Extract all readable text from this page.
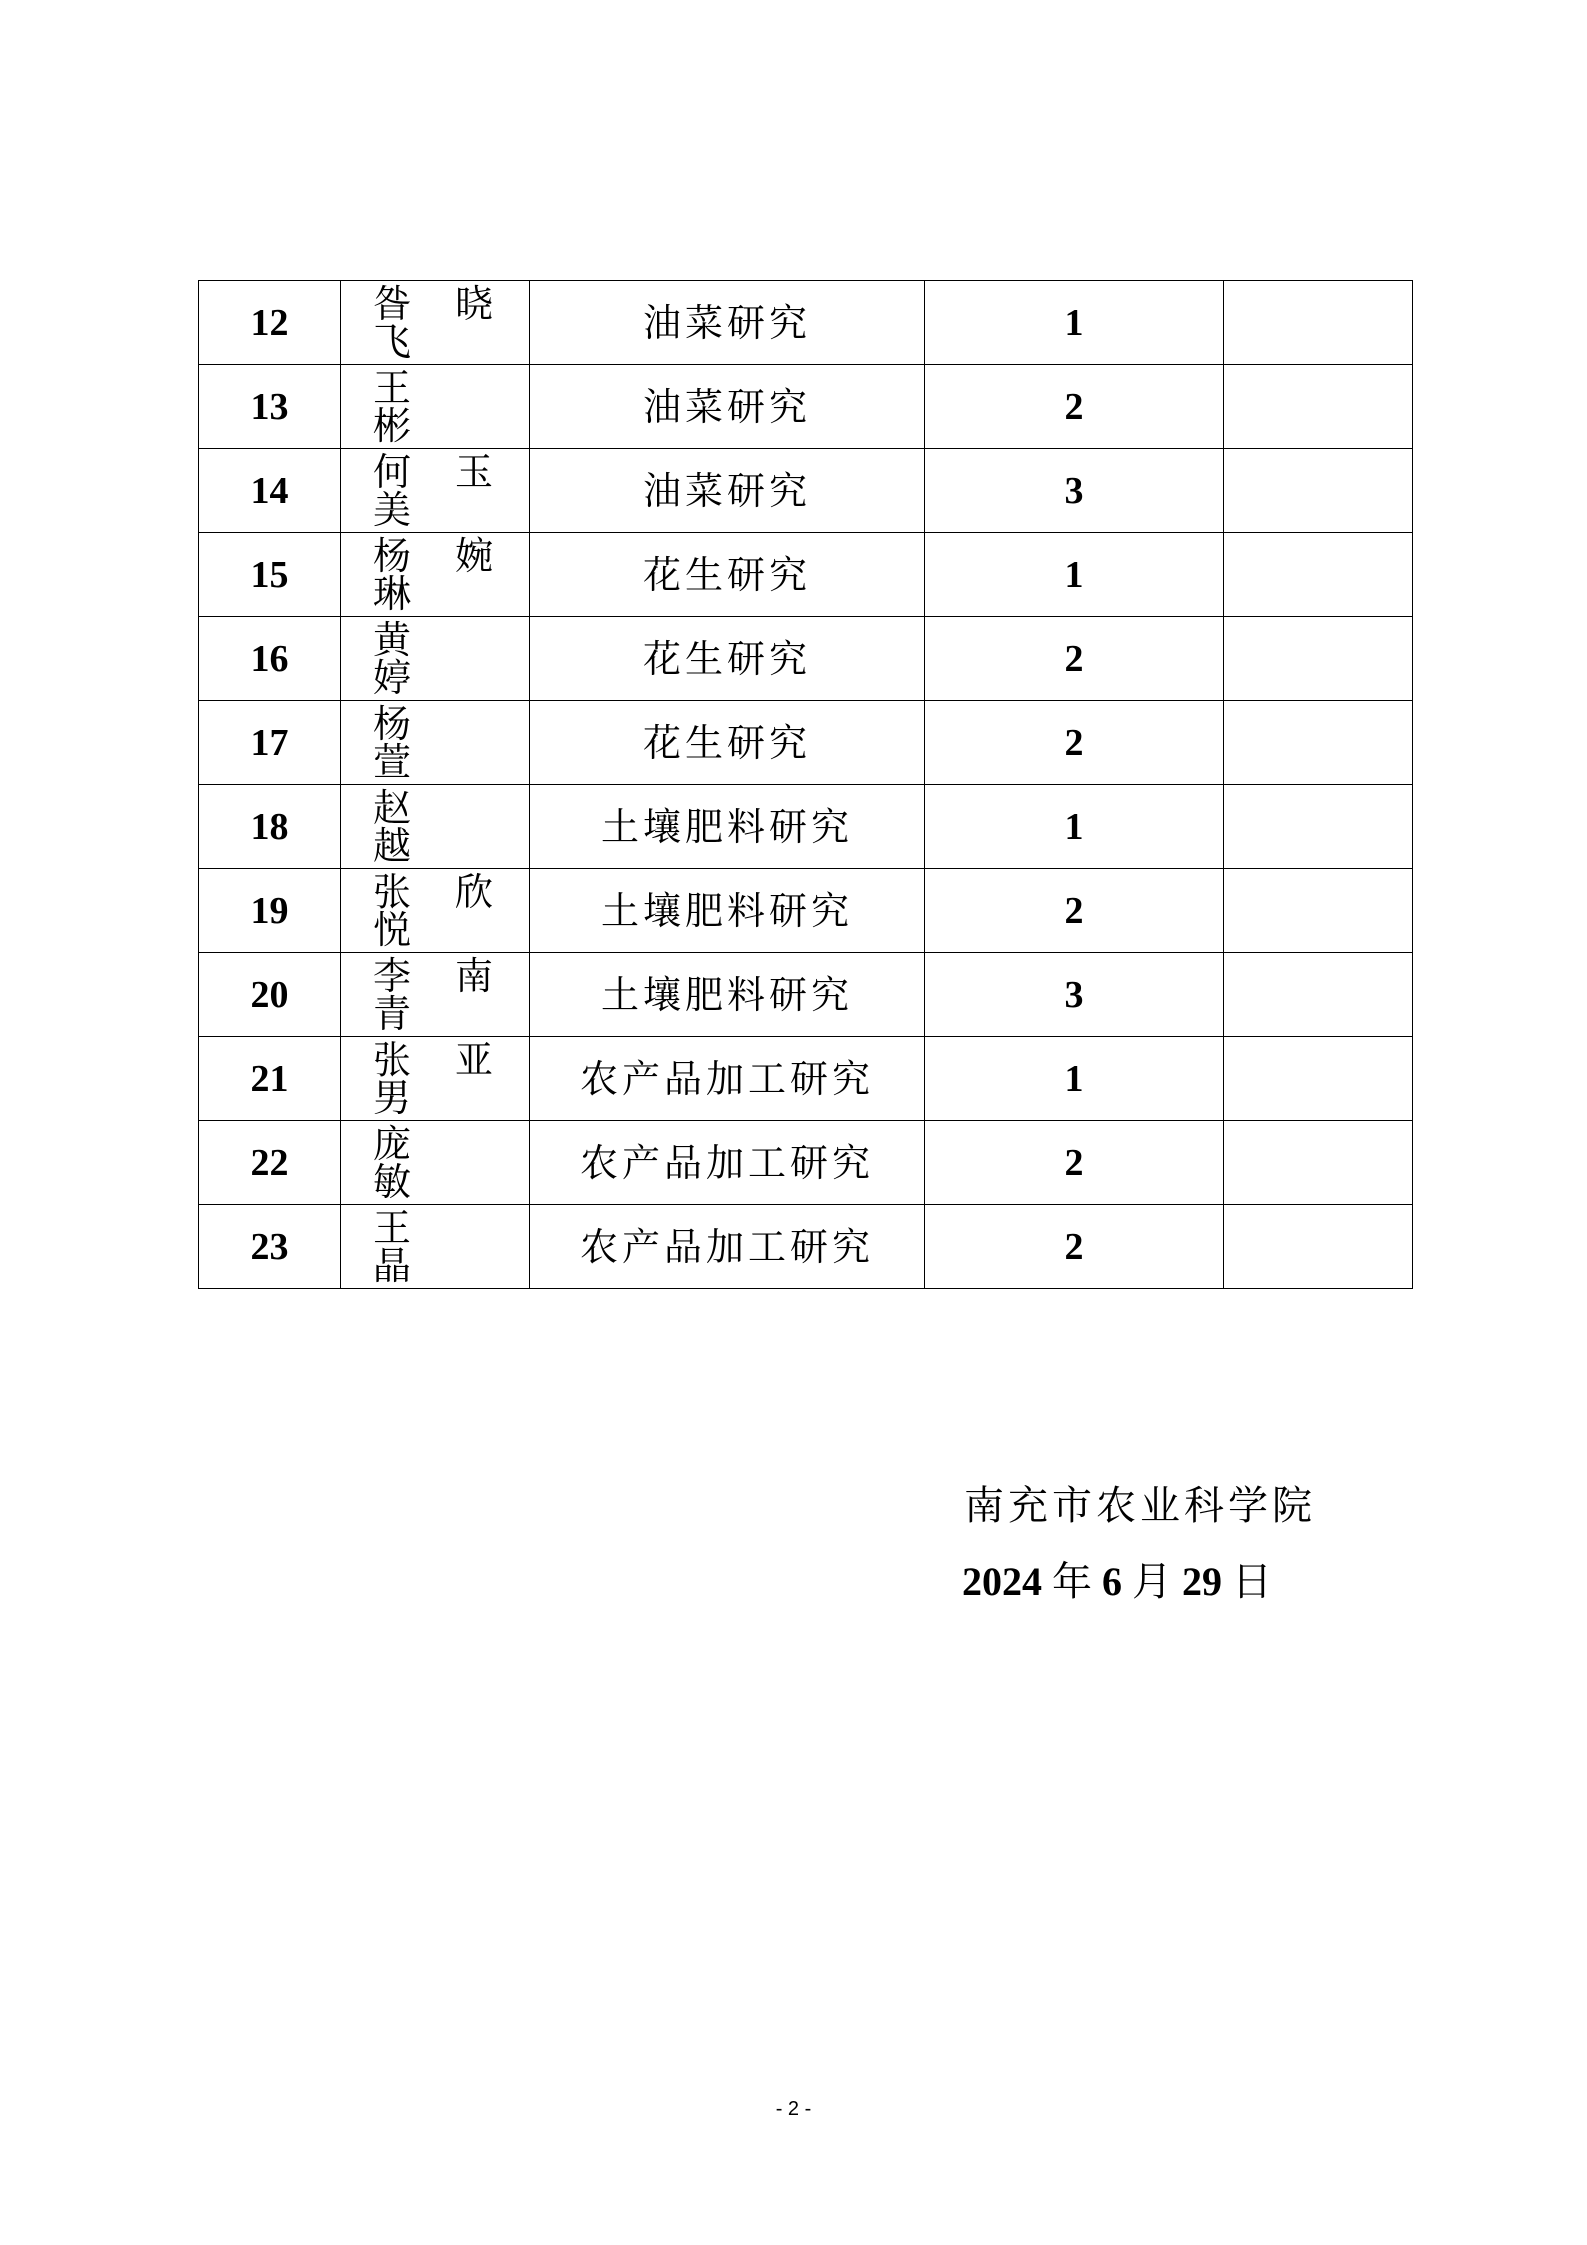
12	昝晓飞	油菜研究	1	
13	王　彬	油菜研究	2	
14	何玉美	油菜研究	3	
15	杨婉琳	花生研究	1	
16	黄　婷	花生研究	2	
17	杨　萱	花生研究	2	
18	赵　越	土壤肥料研究	1	
19	张欣悦	土壤肥料研究	2	
20	李南青	土壤肥料研究	3	
21	张亚男	农产品加工研究	1	
22	庞　敏	农产品加工研究	2	
23	王　晶	农产品加工研究	2	
南充市农业科学院
2024 年 6 月 29 日
- 2 -
